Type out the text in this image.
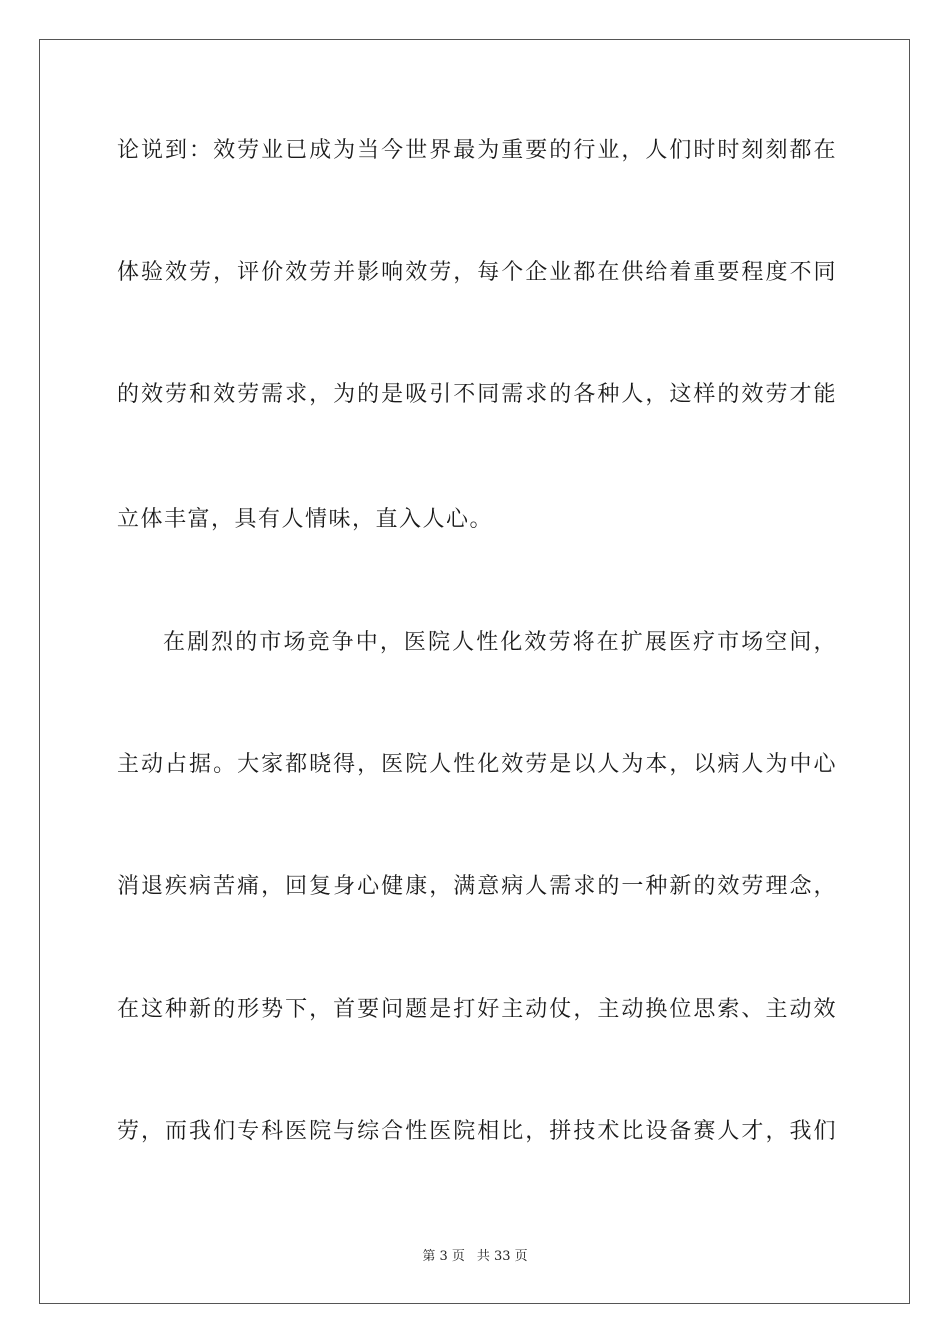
论说到：效劳业已成为当今世界最为重要的行业，人们时时刻刻都在
体验效劳，评价效劳并影响效劳，每个企业都在供给着重要程度不同
的效劳和效劳需求，为的是吸引不同需求的各种人，这样的效劳才能
立体丰富，具有人情味，直入人心。
在剧烈的市场竞争中，医院人性化效劳将在扩展医疗市场空间，
主动占据。大家都晓得，医院人性化效劳是以人为本，以病人为中心
消退疾病苦痛，回复身心健康，满意病人需求的一种新的效劳理念，
在这种新的形势下，首要问题是打好主动仗，主动换位思索、主动效
劳，而我们专科医院与综合性医院相比，拼技术比设备赛人才，我们
第 3 页 共 33 页
